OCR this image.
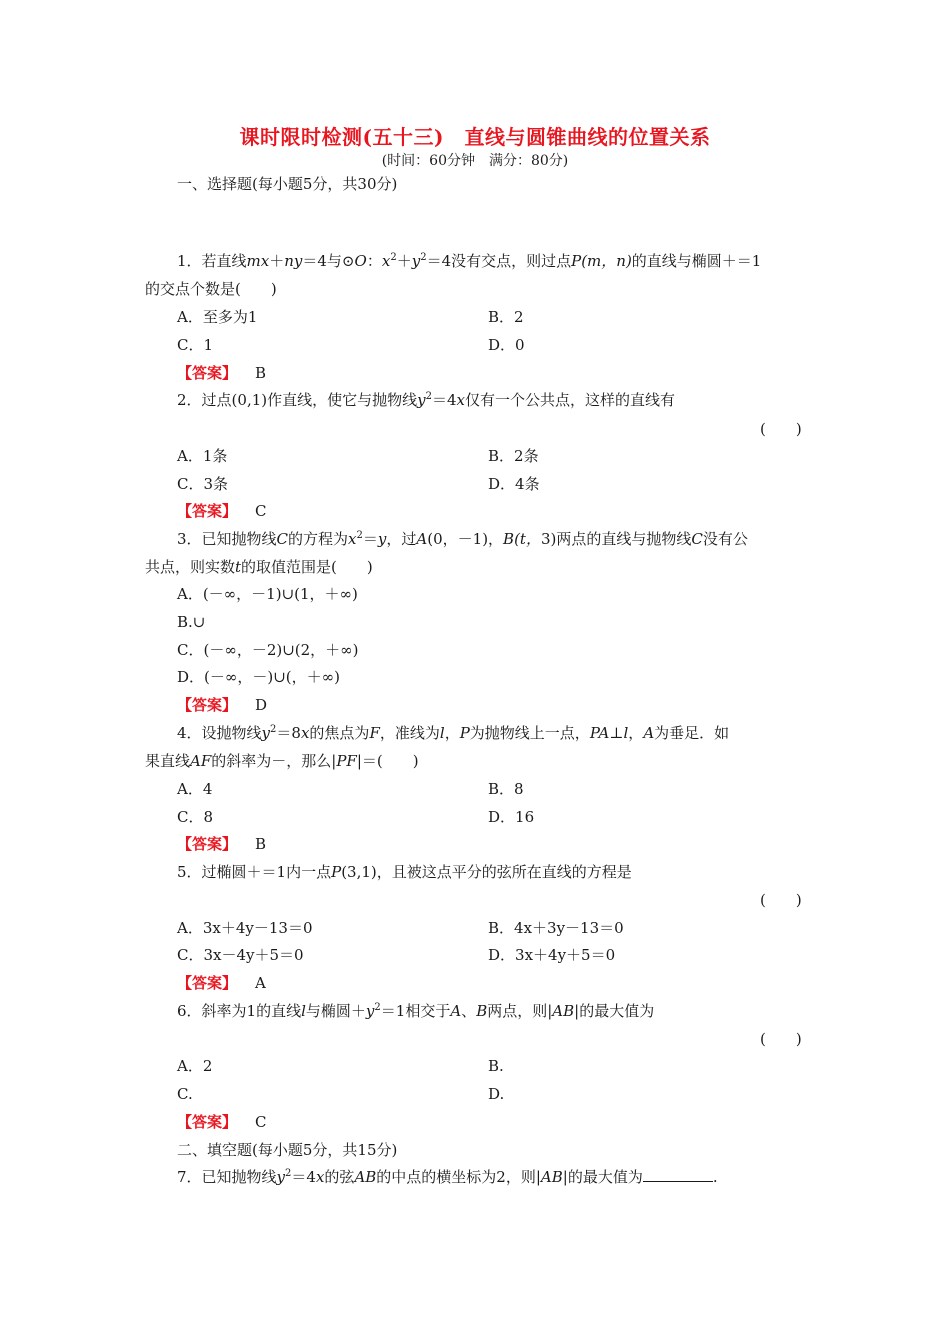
课时限时检测(五十三)　直线与圆锥曲线的位置关系
(时间：60分钟　满分：80分)
一、选择题(每小题5分，共30分)
1．若直线mx＋ny＝4与⊙O：$x^2+y^2=4$没有交点，则过点P(m，n)的直线与椭圆＋＝1
的交点个数是(　　)
A．至多为1	B．2
C．1	D．0
【答案】 B
2．过点(0,1)作直线，使它与抛物线$y^2=4x$仅有一个公共点，这样的直线有
(　　)
A．1条	B．2条
C．3条	D．4条
【答案】 C
3．已知抛物线C的方程为$x^2=y$，过A(0，－1)，B(t，3)两点的直线与抛物线C没有公
共点，则实数t的取值范围是(　　)
A．(－∞，－1)∪(1，＋∞)
B.∪
C．(－∞，－2)∪(2，＋∞)
D．(－∞，－)∪(，＋∞)
【答案】 D
4．设抛物线$y^2=8x$的焦点为F，准线为l，P为抛物线上一点，PA⊥l，A为垂足．如
果直线AF的斜率为－，那么|PF|＝(　　)
A．4	B．8
C．8	D．16
【答案】 B
5．过椭圆＋＝1内一点P(3,1)，且被这点平分的弦所在直线的方程是
(　　)
A．3x＋4y－13＝0	B．4x＋3y－13＝0
C．3x－4y＋5＝0	D．3x＋4y＋5＝0
【答案】 A
6．斜率为1的直线l与椭圆$+y^2=1$相交于A、B两点，则|AB|的最大值为
(　　)
A．2	B.
C.	D.
【答案】 C
二、填空题(每小题5分，共15分)
7．已知抛物线$y^2=4x$的弦AB的中点的横坐标为2，则|AB|的最大值为	.
